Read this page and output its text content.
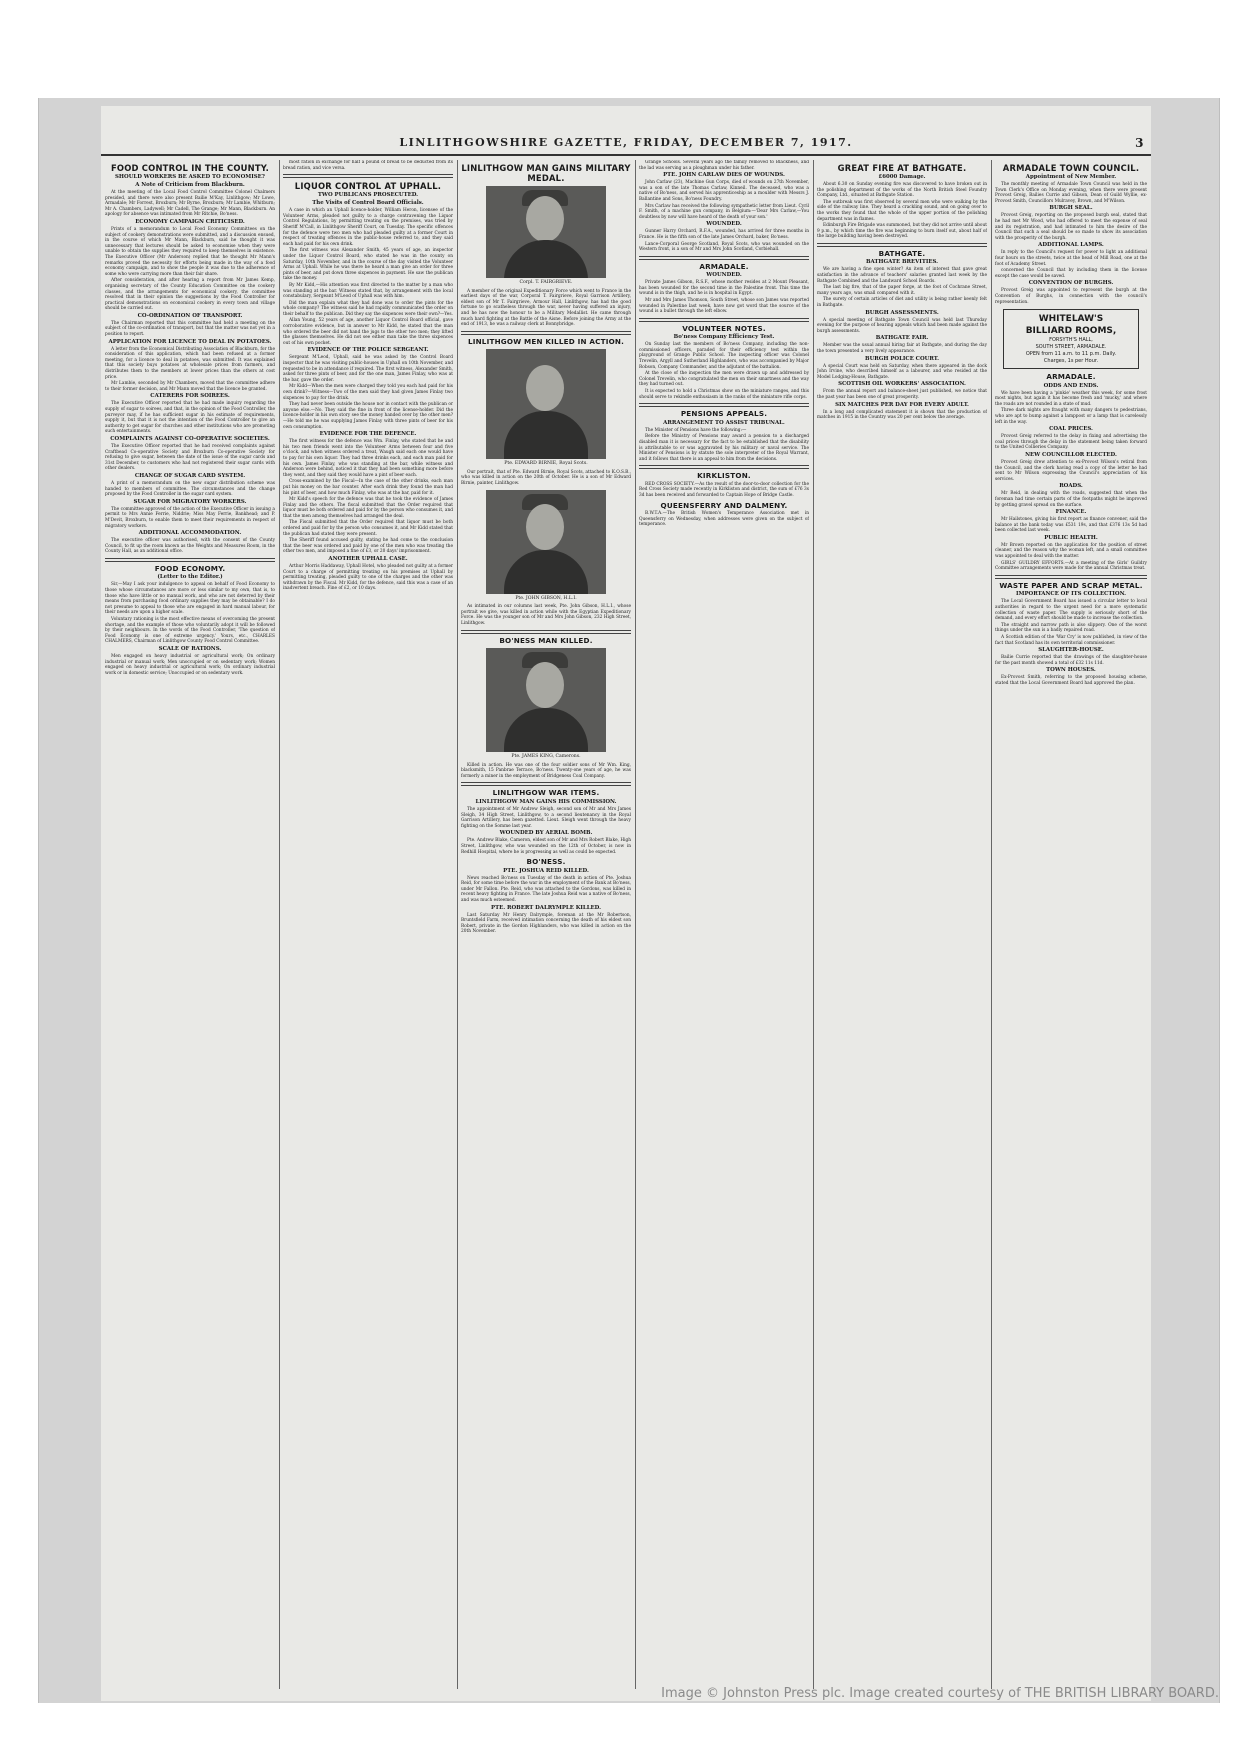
LINLITHGOWSHIRE GAZETTE, FRIDAY, DECEMBER 7, 1917.	3
FOOD CONTROL IN THE COUNTY.
SHOULD WORKERS BE ASKED TO ECONOMISE?
A Note of Criticism from Blackburn.

At the meeting of the Local Food Control Committee Colonel Chalmers presided, and there were also present Bailie M'Kay, Linlithgow; Mr Lowe, Armadale; Mr Forrest, Broxburn; Mr Byrne, Broxburn; Mr Lambie, Whitburn; Mr A. Chambers, Ladywell; Mr Cadell, The Grange; Mr Mann, Blackburn. An apology for absence was intimated from Mr Ritchie, Bo'ness.

ECONOMY CAMPAIGN CRITICISED.

Prints of a memorandum to Local Food Economy Committees on the subject of cookery demonstrations were submitted, and a discussion ensued, in the course of which Mr Mann, Blackburn, said he thought it was unnecessary that lectures should be asked to economise when they were unable to obtain the supplies they required to keep themselves in existence. The Executive Officer (Mr Anderson) replied that he thought Mr Mann's remarks proved the necessity for efforts being made in the way of a food economy campaign, and to show the people it was due to the adherence of some who were carrying more than their fair share.

After consideration, and after hearing a report from Mr James Kemp, organising secretary of the County Education Committee on the cookery classes, and the arrangements for economical cookery, the committee resolved that in their opinion the suggestions by the Food Controller for practical demonstrations on economical cookery in every town and village should be carried out.

CO-ORDINATION OF TRANSPORT.

The Chairman reported that this committee had held a meeting on the subject of the co-ordination of transport, but that the matter was not yet in a position to report.

APPLICATION FOR LICENCE TO DEAL IN POTATOES.

A letter from the Economical Distributing Association of Blackburn, for the consideration of this application, which had been refused at a former meeting, for a licence to deal in potatoes, was submitted. It was explained that this society buys potatoes at wholesale prices from farmers, and distributes them to the members at lower prices than the others at cost price.

Mr Lambie, seconded by Mr Chambers, moved that the committee adhere to their former decision, and Mr Mann moved that the licence be granted.

CATERERS FOR SOIREES.

The Executive Officer reported that he had made inquiry regarding the supply of sugar to soirees, and that, in the opinion of the Food Controller, the purveyor may, if he has sufficient sugar in his estimate of requirements, supply it, but that it is not the intention of the Food Controller to give an authority to get sugar for churches and other institutions who are promoting such entertainments.

COMPLAINTS AGAINST CO-OPERATIVE SOCIETIES.

The Executive Officer reported that he had received complaints against Craftbead Co-operative Society and Broxburn Co-operative Society for refusing to give sugar, between the date of the issue of the sugar cards and 31st December, to customers who had not registered their sugar cards with other dealers.

CHANGE OF SUGAR CARD SYSTEM.

A print of a memorandum on the new sugar distribution scheme was handed to members of committee. The circumstances and the change proposed by the Food Controller in the sugar card system.

SUGAR FOR MIGRATORY WORKERS.

The committee approved of the action of the Executive Officer in issuing a permit to Mrs Annie Ferrie, Niddrie; Miss May Ferrie, Bankhead; and P. M'Devit, Broxburn, to enable them to meet their requirements in respect of migratory workers.

ADDITIONAL ACCOMMODATION.

The executive officer was authorised, with the consent of the County Council, to fit up the room known as the Weights and Measures Room, in the County Hall, as an additional office.

FOOD ECONOMY.
(Letter to the Editor.)

Sir,—May I ask your indulgence to appeal on behalf of Food Economy to those whose circumstances are more or less similar to my own, that is, to those who have little or no manual work, and who are not deterred by their means from purchasing food ordinary supplies they may be obtainable? I do not presume to appeal to those who are engaged in hard manual labour, for their needs are upon a higher scale.

Voluntary rationing is the most effective means of overcoming the present shortage, and the example of those who voluntarily adopt it will be followed by their neighbours. In the words of the Food Controller, 'The question of Food Economy is one of extreme urgency.' Yours, etc., CHARLES CHALMERS, Chairman of Linlithgow County Food Control Committee.

SCALE OF RATIONS.

Men engaged on heavy industrial or agricultural work; On ordinary industrial or manual work; Men unoccupied or on sedentary work; Women engaged on heavy industrial or agricultural work; On ordinary industrial work or in domestic service; Unoccupied or on sedentary work.

most ration in exchange for half a pound of bread to be deducted from its bread ration, and vice versa.

LIQUOR CONTROL AT UPHALL.
TWO PUBLICANS PROSECUTED.
The Visits of Control Board Officials.

A case in which an Uphall licence-holder, William Heron, licensee of the Volunteer Arms, pleaded not guilty to a charge contravening the Liquor Control Regulations, by permitting treating on the premises, was tried by Sheriff M'Call, in Linlithgow Sheriff Court, on Tuesday. The specific offences for the defence were two men who had pleaded guilty at a former Court in respect of treating offences in the public-house referred to, and they said each had paid for his own drink.

The first witness was Alexander Smith, 45 years of age, an inspector under the Liquor Control Board, who stated he was in the county on Saturday, 10th November, and in the course of the day visited the Volunteer Arms at Uphall. While he was there he heard a man give an order for three pints of beer, and put down three sixpences in payment. He saw the publican take the money.

By Mr Kidd,—His attention was first directed to the matter by a man who was standing at the bar. Witness stated that, by arrangement with the local constabulary, Sergeant M'Leod of Uphall was with him.

Did the man explain what they had done was to order the pints for the whole company? The witness said he had rapidly communicated the order on their behalf to the publican. Did they say the sixpences were their own?—Yes.

Allan Young, 52 years of age, another Liquor Control Board official, gave corroborative evidence, but in answer to Mr Kidd, he stated that the man who ordered the beer did not hand the jugs to the other two men; they lifted the glasses themselves. He did not see either man take the three sixpences out of his own pocket.

EVIDENCE OF THE POLICE SERGEANT.

Sergeant M'Leod, Uphall, said he was asked by the Control Board inspector that he was visiting public-houses in Uphall on 10th November, and requested to be in attendance if required. The first witness, Alexander Smith, asked for three pints of beer, and for the one man, James Finlay, who was at the bar, gave the order.

Mr Kidd—When the men were charged they told you each had paid for his own drink?—Witness—Two of the men said they had given James Finlay two sixpences to pay for the drink.

They had never been outside the house nor in contact with the publican or anyone else.—No. They said the fine in front of the license-holder. Did the licence-holder in his own story see the money handed over by the other men?—He told me he was supplying James Finlay with three pints of beer for his own consumption.

EVIDENCE FOR THE DEFENCE.

The first witness for the defence was Wm. Finlay, who stated that he and his two men friends went into the Volunteer Arms between four and five o'clock, and when witness ordered a treat, Waugh said each one would have to pay for his own liquor. They had three drinks each, and each man paid for his own. James Finlay, who was standing at the bar, while witness and Anderson were behind, noticed it that they had been something more before they went, and they said they would have a pint of beer each.

Cross-examined by the Fiscal—In the case of the other drinks, each man put his money on the bar counter. After each drink they found the man had his pint of beer, and how much Finlay, who was at the bar, paid for it.

Mr Kidd's speech for the defence was that he took the evidence of James Finlay and the others. The fiscal submitted that the Order required that liquor must be both ordered and paid for by the person who consumes it, and that the men among themselves had arranged the deal.

The Fiscal submitted that the Order required that liquor must be both ordered and paid for by the person who consumes it, and Mr Kidd stated that the publican had stated they were present.

The Sheriff found accused guilty, stating he had come to the conclusion that the beer was ordered and paid by one of the men who was treating the other two men, and imposed a fine of £3, or 20 days' imprisonment.

ANOTHER UPHALL CASE.

Arthur Morris Haddaway, Uphall Hotel, who pleaded not guilty at a former Court to a charge of permitting treating on his premises at Uphall by permitting treating, pleaded guilty to one of the charges and the other was withdrawn by the Fiscal. Mr Kidd, for the defence, said this was a case of an inadvertent breach. Fine of £2, or 10 days.

LINLITHGOW MAN GAINS MILITARY MEDAL.
Corpl. T. FAIRGRIEVE.

A member of the original Expeditionary Force which went to France in the earliest days of the war, Corporal T. Fairgrieve, Royal Garrison Artillery, eldest son of Mr T. Fairgrieve, Armour Hall, Linlithgow, has had the good fortune to go scatheless through the war, never having suffered an injury, and he has now the honour to be a Military Medallist. He came through much hard fighting at the Battle of the Aisne. Before joining the Army at the end of 1913, he was a railway clerk at Bonnybridge.

LINLITHGOW MEN KILLED IN ACTION.
Pte. EDWARD BIRNIE, Royal Scots.

Our portrait, that of Pte. Edward Birnie, Royal Scots, attached to K.O.S.B., who was killed in action on the 20th of October. He is a son of Mr Edward Birnie, painter, Linlithgow.

Pte. JOHN GIBSON, H.L.I.

As intimated in our columns last week, Pte. John Gibson, H.L.I., whose portrait we give, was killed in action while with the Egyptian Expeditionary Force. He was the younger son of Mr and Mrs John Gibson, 232 High Street, Linlithgow.

BO'NESS MAN KILLED.
Pte. JAMES KING, Camerons.

Killed in action. He was one of the four soldier sons of Mr Wm. King, blacksmith, 15 Panbrae Terrace, Bo'ness. Twenty-one years of age, he was formerly a miner in the employment of Bridgeness Coal Company.

LINLITHGOW WAR ITEMS.
LINLITHGOW MAN GAINS HIS COMMISSION.

The appointment of Mr Andrew Sleigh, second son of Mr and Mrs James Sleigh, 34 High Street, Linlithgow, to a second lieutenancy in the Royal Garrison Artillery, has been gazetted. Lieut. Sleigh went through the heavy fighting on the Somme last year.

WOUNDED BY AERIAL BOMB.

Pte. Andrew Blake, Cameron, eldest son of Mr and Mrs Robert Blake, High Street, Linlithgow, who was wounded on the 12th of October, is now in Redhill Hospital, where he is progressing as well as could be expected.

BO'NESS.
PTE. JOSHUA REID KILLED.

News reached Bo'ness on Tuesday of the death in action of Pte. Joshua Reid, for some time before the war in the employment of the Bank at Bo'ness, under Mr Fallon. Pte. Reid, who was attached to the Gordons, was killed in recent heavy fighting in France. The late Joshua Reid was a native of Bo'ness, and was much esteemed.

PTE. ROBERT DALRYMPLE KILLED.

Last Saturday Mr Henry Dalrymple, foreman at the Mr Robertson, Bruntsfield Farm, received intimation concerning the death of his eldest son Robert, private in the Gordon Highlanders, who was killed in action on the 20th November.

Grange Schools. Several years ago the family removed to Blackness, and the lad was serving as a ploughman under his father.

PTE. JOHN CARLAW DIES OF WOUNDS.

John Carlaw (23), Machine Gun Corps, died of wounds on 27th November, was a son of the late Thomas Carlaw, Kinneil. The deceased, who was a native of Bo'ness, and served his apprenticeship as a moulder with Messrs J. Ballantine and Sons, Bo'ness Foundry.

Mrs Carlaw has received the following sympathetic letter from Lieut. Cyril F. Smith, of a machine gun company, in Belgium:—'Dear Mrs Carlaw,—You doubtless by now will have heard of the death of your son.'

WOUNDED.

Gunner Harry Orchard, R.F.A., wounded, has arrived for three months in France. He is the fifth son of the late James Orchard, baker, Bo'ness.

Lance-Corporal George Scotland, Royal Scots, who was wounded on the Western front, is a son of Mr and Mrs John Scotland, Corbiehall.

ARMADALE.
WOUNDED.

Private James Gibson, R.S.F., whose mother resides at 2 Mount Pleasant, has been wounded for the second time in the Palestine front. This time the wound is in the thigh, and he is in hospital in Egypt.

Mr and Mrs James Thomson, South Street, whose son James was reported wounded in Palestine last week, have now got word that the source of the wound is a bullet through the left elbow.

VOLUNTEER NOTES.
Bo'ness Company Efficiency Test.

On Sunday last the members of Bo'ness Company, including the non-commissioned officers, paraded for their efficiency test within the playground of Grange Public School. The inspecting officer was Colonel Trevelin, Argyll and Sutherland Highlanders, who was accompanied by Major Robson, Company Commander, and the adjutant of the battalion.

At the close of the inspection the men were drawn up and addressed by Colonel Trevelin, who congratulated the men on their smartness and the way they had turned out.

It is expected to hold a Christmas show on the miniature ranges, and this should serve to rekindle enthusiasm in the ranks of the miniature rifle corps.

PENSIONS APPEALS.
ARRANGEMENT TO ASSIST TRIBUNAL.

The Minister of Pensions have the following:—

Before the Ministry of Pensions may award a pension to a discharged disabled man it is necessary for the fact to be established that the disability is attributable to or was aggravated by his military or naval service. The Minister of Pensions is by statute the sole interpreter of the Royal Warrant, and it follows that there is an appeal to him from the decisions.

KIRKLISTON.

RED CROSS SOCIETY.—As the result of the door-to-door collection for the Red Cross Society made recently in Kirkliston and district, the sum of £76 3s 3d has been received and forwarded to Captain Hope of Bridge Castle.

QUEENSFERRY AND DALMENY.

B.W.T.A.—The British Women's Temperance Association met in Queensferry on Wednesday, when addresses were given on the subject of temperance.

GREAT FIRE AT BATHGATE.
£6000 Damage.

About 6.30 on Sunday evening fire was discovered to have broken out in the polishing department of the works of the North British Steel Foundry Company, Ltd., situated at Bathgate Station.

The outbreak was first observed by several men who were walking by the side of the railway line. They heard a crackling sound, and on going over to the works they found that the whole of the upper portion of the polishing department was in flames.

Edinburgh Fire Brigade was summoned, but they did not arrive until about 9 p.m., by which time the fire was beginning to burn itself out, about half of the large building having been destroyed.

BATHGATE.
BATHGATE BREVITIES.

We are having a fine open winter? An item of interest that gave great satisfaction in the advance of teachers' salaries granted last week by the Bathgate Combined and the Landward School Boards.

The last big fire, that of the paper forge, at the foot of Cochrane Street, many years ago, was small compared with it.

The surety of certain articles of diet and utility is being rather keenly felt in Bathgate.

BURGH ASSESSMENTS.

A special meeting of Bathgate Town Council was held last Thursday evening for the purpose of hearing appeals which had been made against the burgh assessments.

BATHGATE FAIR.

Member was the usual annual hiring fair at Bathgate, and during the day the town presented a very lively appearance.

BURGH POLICE COURT.

A special Court was held on Saturday, when there appeared in the dock John Irvine, who described himself as a labourer, and who resided at the Model Lodging-House, Bathgate.

SCOTTISH OIL WORKERS' ASSOCIATION.

From the annual report and balance-sheet just published, we notice that the past year has been one of great prosperity.

SIX MATCHES PER DAY FOR EVERY ADULT.

In a long and complicated statement it is shown that the production of matches in 1915 in the Country was 20 per cent below the average.

ARMADALE TOWN COUNCIL.
Appointment of New Member.

The monthly meeting of Armadale Town Council was held in the Town Clerk's Office on Monday evening, when there were present Provost Greig, Bailies Currie and Gibson, Dean of Guild Wyllie, ex-Provost Smith, Councillors Mulravey, Brown, and M'Wilson.

BURGH SEAL.

Provost Greig, reporting on the proposed burgh seal, stated that he had met Mr Wood, who had offered to meet the expense of seal and its registration, and had intimated to him the desire of the Council that such a seal should be so made to show its association with the prosperity of the burgh.

ADDITIONAL LAMPS.

In reply to the Council's request for power to light an additional four hours on the streets, twice at the head of Mill Road, one at the foot of Academy Street.

concerned the Council that by including them in the license except the case would be saved.

CONVENTION OF BURGHS.

Provost Greig was appointed to represent the burgh at the Convention of Burghs, in connection with the council's representation.

WHITELAW'S
BILLIARD ROOMS,
FORSYTH'S HALL,
SOUTH STREET, ARMADALE.
OPEN from 11 a.m. to 11 p.m. Daily.
Charges, 1s per Hour.
ARMADALE.
ODDS AND ENDS.

We have been having a 'pinkie' weather this week, for some frost most nights, but again it has become fresh and 'mucky,' and where the roads are not rounded in a state of mud.

Three dark nights are fraught with many dangers to pedestrians, who are apt to bump against a lamppost or a lamp that is carelessly left in the way.

COAL PRICES.

Provost Greig referred to the delay in fixing and advertising the coal prices through the delay in the statement being taken forward to the United Collieries Company.

NEW COUNCILLOR ELECTED.

Provost Greig drew attention to ex-Provost Wilson's retiral from the Council, and the clerk having read a copy of the letter he had sent to Mr Wilson expressing the Council's appreciation of his services.

ROADS.

Mr Reid, in dealing with the roads, suggested that when the foreman had time certain parts of the footpaths might be improved by getting gravel spread on the surface.

FINANCE.

Mr Hailstones, giving his first report as finance convener, said the balance at the bank today was £531 19s, and that £376 13s 5d had been collected last week.

PUBLIC HEALTH.

Mr Brown reported on the application for the position of street cleaner, and the reason why the woman left, and a small committee was appointed to deal with the matter.

GIRLS' GUILDRY EFFORTS.—At a meeting of the Girls' Guildry Committee arrangements were made for the annual Christmas treat.

WASTE PAPER AND SCRAP METAL.
IMPORTANCE OF ITS COLLECTION.

The Local Government Board has issued a circular letter to local authorities in regard to the urgent need for a more systematic collection of waste paper. The supply is seriously short of the demand, and every effort should be made to increase the collection.

The straight and narrow path is also slippery. One of the worst things under the sun is a badly repaired road.

A Scottish edition of the 'War Cry' is now published, in view of the fact that Scotland has its own territorial commissioner.

SLAUGHTER-HOUSE.

Bailie Currie reported that the drawings of the slaughter-house for the past month showed a total of £32 11s 11d.

TOWN HOUSES.

Ex-Provost Smith, referring to the proposed housing scheme, stated that the Local Government Board had approved the plan.

Image © Johnston Press plc. Image created courtesy of THE BRITISH LIBRARY BOARD.
